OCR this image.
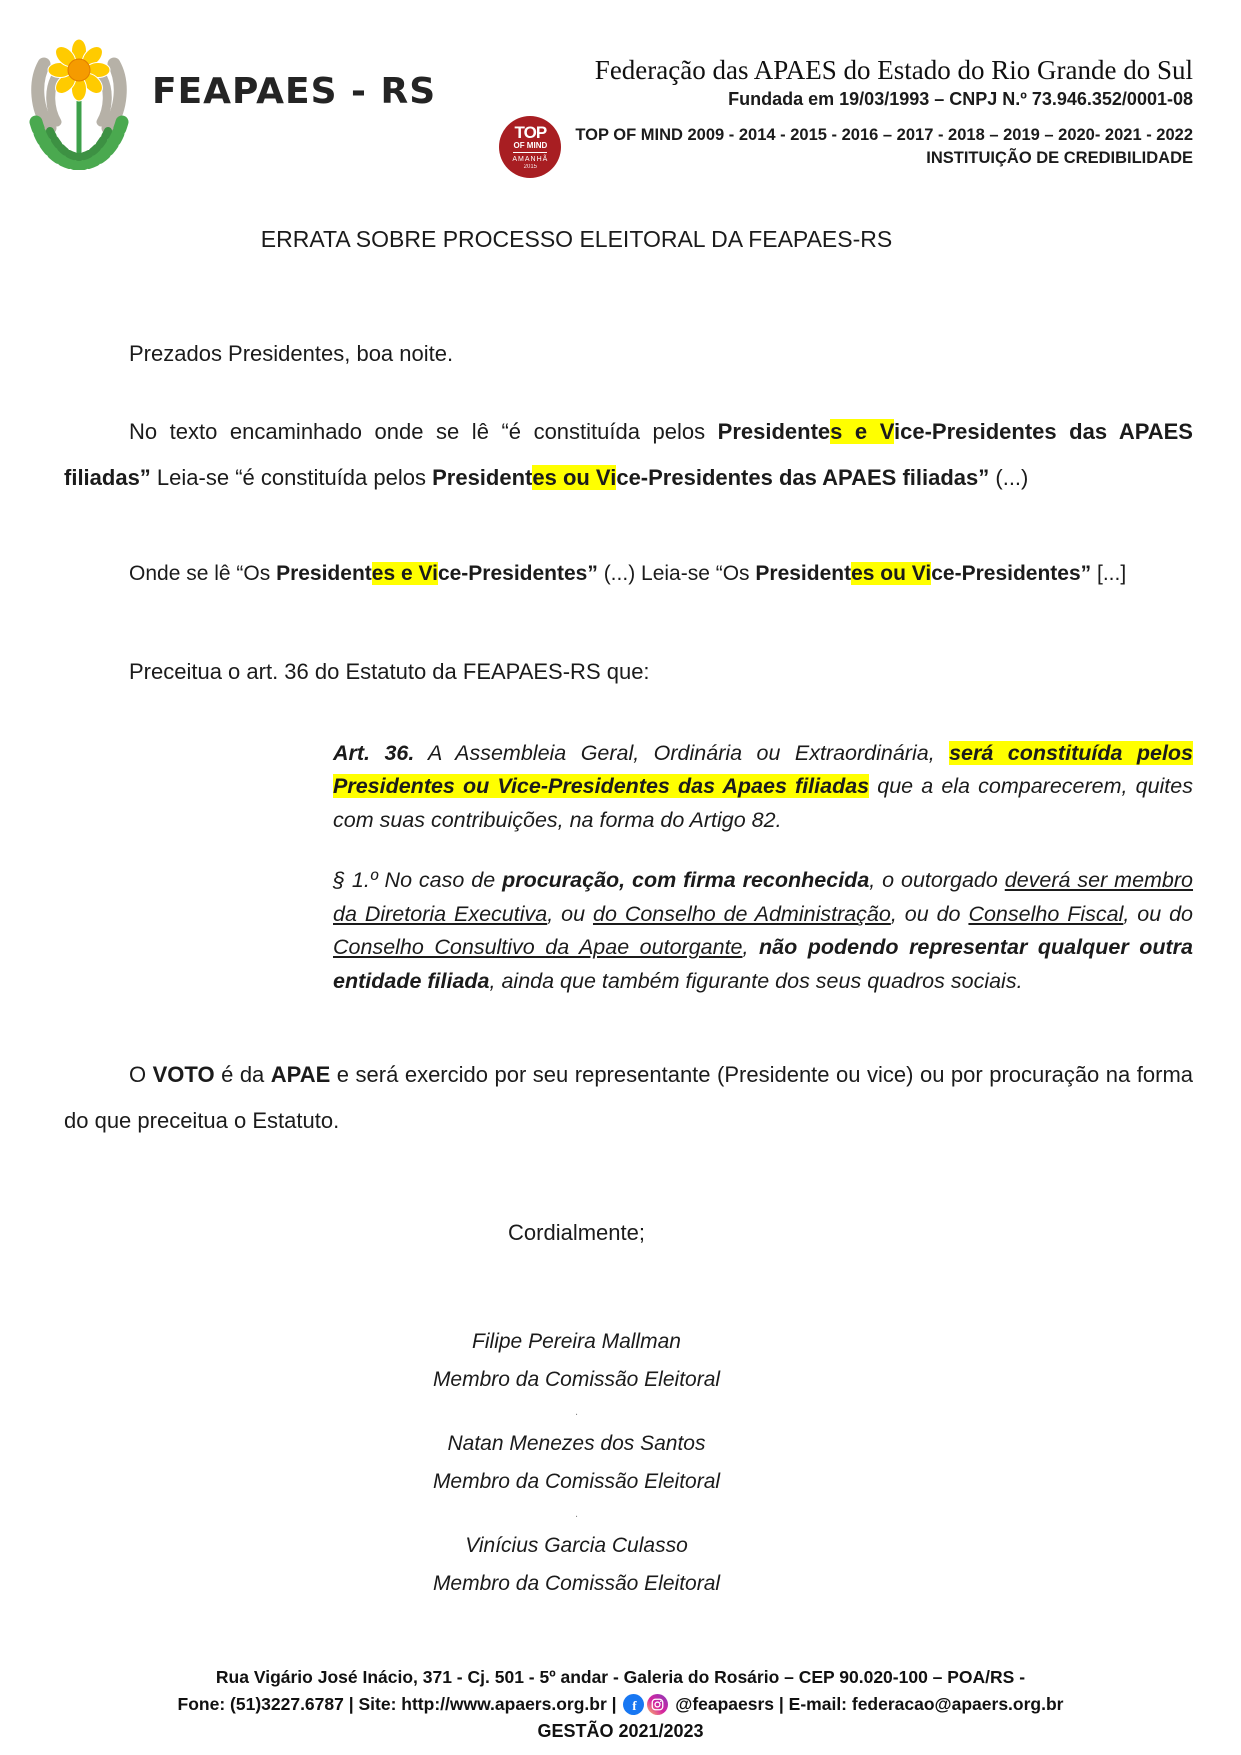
FEAPAES - RS
Federação das APAES do Estado do Rio Grande do Sul
Fundada em 19/03/1993 – CNPJ N.º 73.946.352/0001-08
TOP
OF MIND
AMANHÃ
2015
TOP OF MIND 2009 - 2014 - 2015 - 2016 – 2017 - 2018 – 2019 – 2020- 2021 - 2022
INSTITUIÇÃO DE CREDIBILIDADE
ERRATA SOBRE PROCESSO ELEITORAL DA FEAPAES-RS

Prezados Presidentes, boa noite.

No texto encaminhado onde se lê “é constituída pelos Presidentes e Vice-Presidentes das APAES filiadas” Leia-se “é constituída pelos Presidentes ou Vice-Presidentes das APAES filiadas” (...)

Onde se lê “Os Presidentes e Vice-Presidentes” (...) Leia-se “Os Presidentes ou Vice-Presidentes” [...]

Preceitua o art. 36 do Estatuto da FEAPAES-RS que:

Art. 36. A Assembleia Geral, Ordinária ou Extraordinária, será constituída pelos Presidentes ou Vice-Presidentes das Apaes filiadas que a ela comparecerem, quites com suas contribuições, na forma do Artigo 82.

§ 1.º No caso de procuração, com firma reconhecida, o outorgado deverá ser membro da Diretoria Executiva, ou do Conselho de Administração, ou do Conselho Fiscal, ou do Conselho Consultivo da Apae outorgante, não podendo representar qualquer outra entidade filiada, ainda que também figurante dos seus quadros sociais.

O VOTO é da APAE e será exercido por seu representante (Presidente ou vice) ou por procuração na forma do que preceitua o Estatuto.

Cordialmente;
Filipe Pereira Mallman
Membro da Comissão Eleitoral
.
Natan Menezes dos Santos
Membro da Comissão Eleitoral
.
Vinícius Garcia Culasso
Membro da Comissão Eleitoral
Rua Vigário José Inácio, 371 - Cj. 501 - 5º andar - Galeria do Rosário – CEP 90.020-100 – POA/RS -
Fone: (51)3227.6787 | Site: http://www.apaers.org.br | f @feapaesrs | E-mail: federacao@apaers.org.br
GESTÃO 2021/2023
